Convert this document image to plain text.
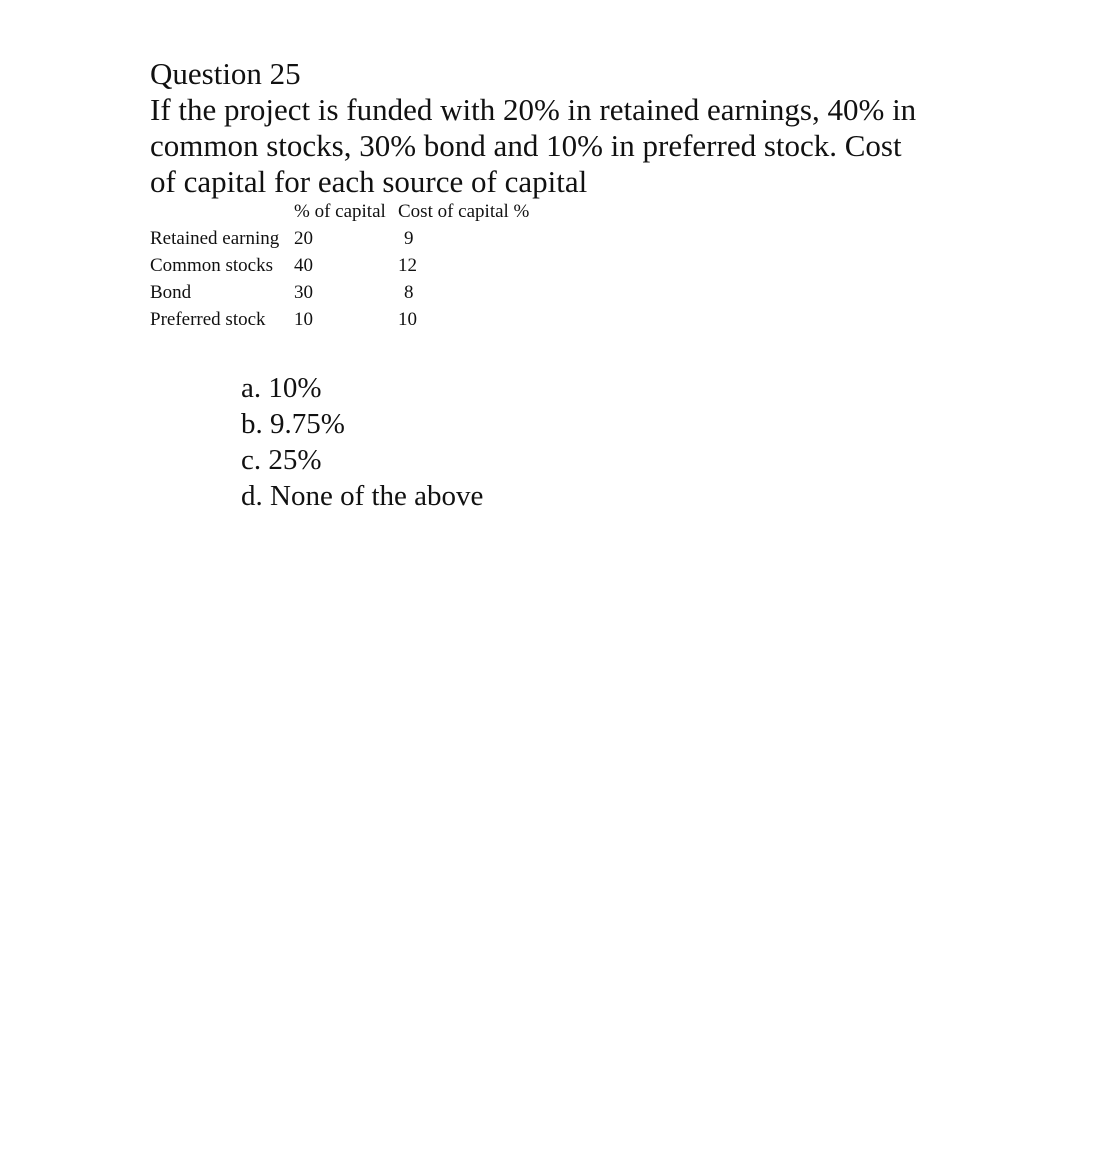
Question 25
If the project is funded with 20% in retained earnings, 40% in
common stocks, 30% bond and 10% in preferred stock. Cost
of capital for each source of capital
	% of capital	Cost of capital %
Retained earning	20	9
Common stocks	40	12
Bond	30	8
Preferred stock	10	10
a. 10%
b. 9.75%
c. 25%
d. None of the above
